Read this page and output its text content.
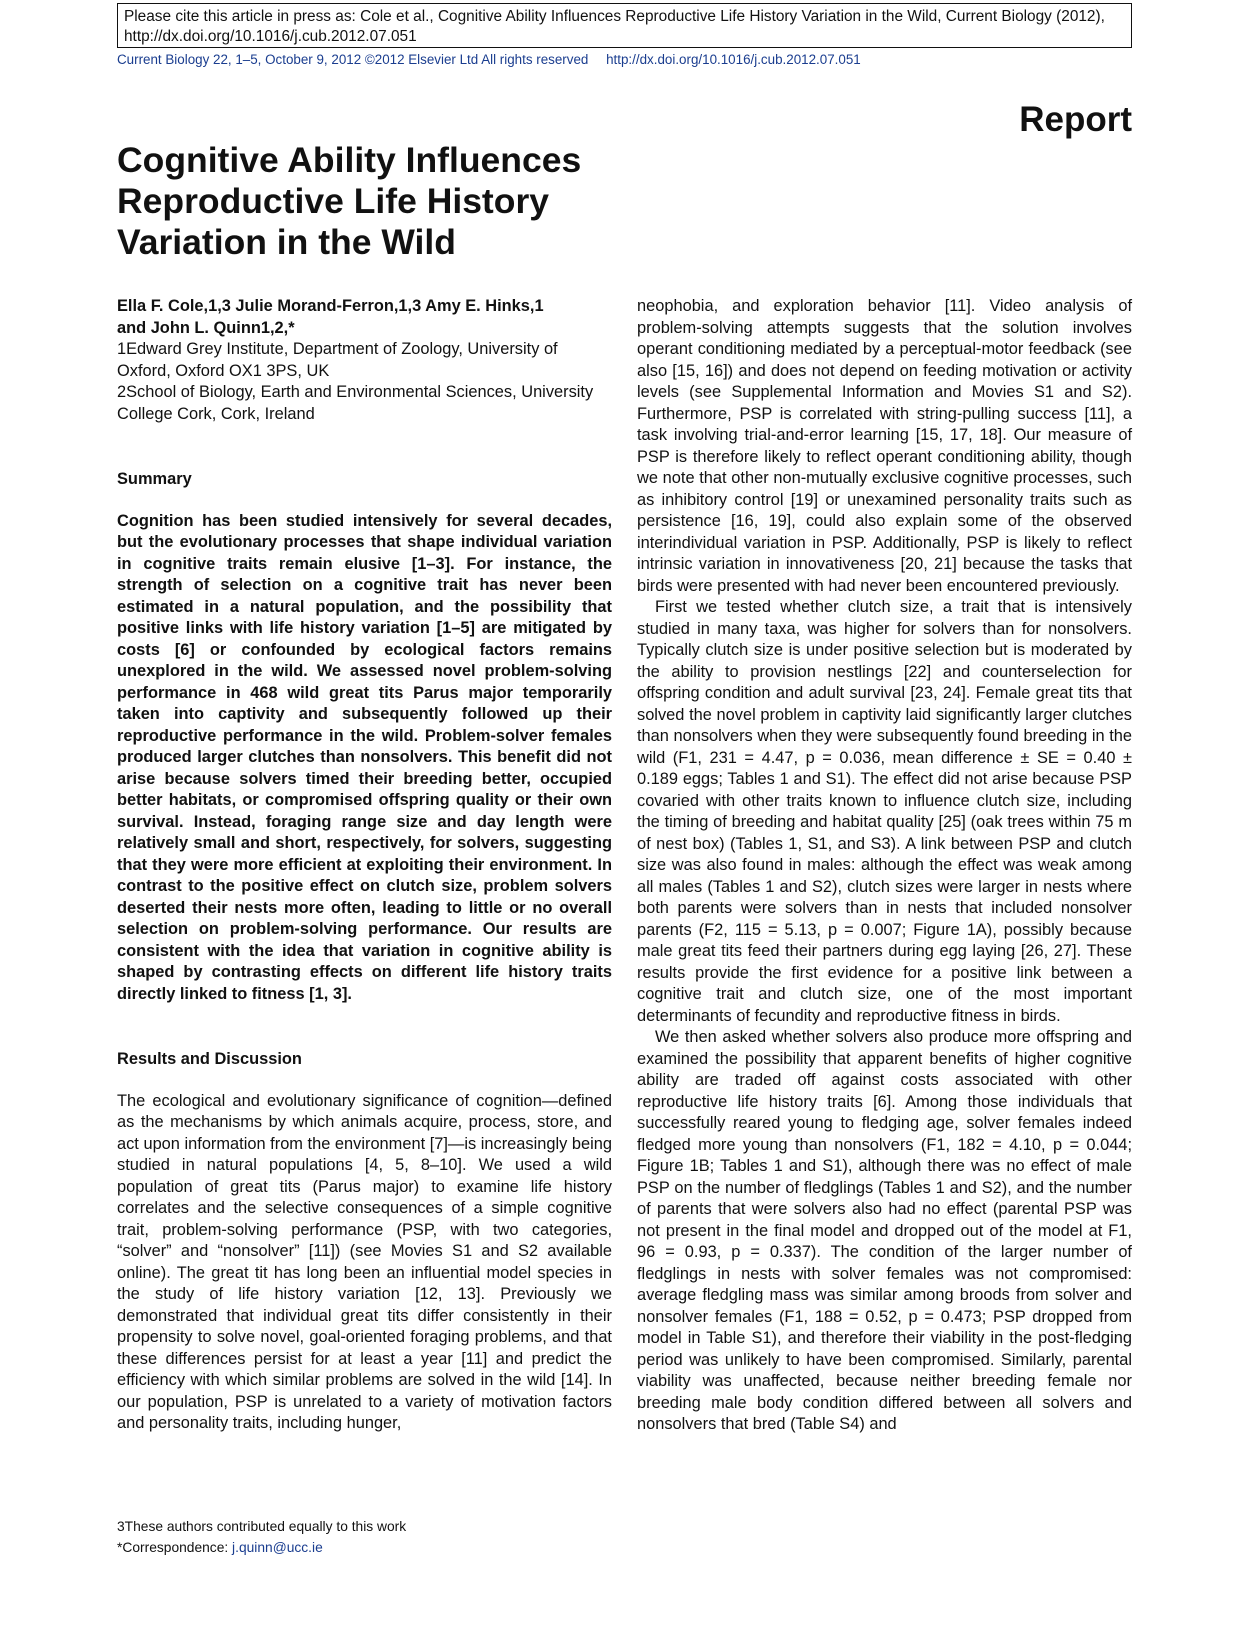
Please cite this article in press as: Cole et al., Cognitive Ability Influences Reproductive Life History Variation in the Wild, Current Biology (2012), http://dx.doi.org/10.1016/j.cub.2012.07.051
Current Biology 22, 1–5, October 9, 2012 ©2012 Elsevier Ltd All rights reserved http://dx.doi.org/10.1016/j.cub.2012.07.051
Report
Cognitive Ability Influences Reproductive Life History Variation in the Wild

Ella F. Cole,1,3 Julie Morand-Ferron,1,3 Amy E. Hinks,1

and John L. Quinn1,2,*

1Edward Grey Institute, Department of Zoology, University of Oxford, Oxford OX1 3PS, UK

2School of Biology, Earth and Environmental Sciences, University College Cork, Cork, Ireland

Summary

Cognition has been studied intensively for several decades, but the evolutionary processes that shape individual variation in cognitive traits remain elusive [1–3]. For instance, the strength of selection on a cognitive trait has never been estimated in a natural population, and the possibility that positive links with life history variation [1–5] are mitigated by costs [6] or confounded by ecological factors remains unexplored in the wild. We assessed novel problem-solving performance in 468 wild great tits Parus major temporarily taken into captivity and subsequently followed up their reproductive performance in the wild. Problem-solver females produced larger clutches than nonsolvers. This benefit did not arise because solvers timed their breeding better, occupied better habitats, or compromised offspring quality or their own survival. Instead, foraging range size and day length were relatively small and short, respectively, for solvers, suggesting that they were more efficient at exploiting their environment. In contrast to the positive effect on clutch size, problem solvers deserted their nests more often, leading to little or no overall selection on problem-solving performance. Our results are consistent with the idea that variation in cognitive ability is shaped by contrasting effects on different life history traits directly linked to fitness [1, 3].

Results and Discussion

The ecological and evolutionary significance of cognition—defined as the mechanisms by which animals acquire, process, store, and act upon information from the environment [7]—is increasingly being studied in natural populations [4, 5, 8–10]. We used a wild population of great tits (Parus major) to examine life history correlates and the selective consequences of a simple cognitive trait, problem-solving performance (PSP, with two categories, “solver” and “nonsolver” [11]) (see Movies S1 and S2 available online). The great tit has long been an influential model species in the study of life history variation [12, 13]. Previously we demonstrated that individual great tits differ consistently in their propensity to solve novel, goal-oriented foraging problems, and that these differences persist for at least a year [11] and predict the efficiency with which similar problems are solved in the wild [14]. In our population, PSP is unrelated to a variety of motivation factors and personality traits, including hunger,

neophobia, and exploration behavior [11]. Video analysis of problem-solving attempts suggests that the solution involves operant conditioning mediated by a perceptual-motor feedback (see also [15, 16]) and does not depend on feeding motivation or activity levels (see Supplemental Information and Movies S1 and S2). Furthermore, PSP is correlated with string-pulling success [11], a task involving trial-and-error learning [15, 17, 18]. Our measure of PSP is therefore likely to reflect operant conditioning ability, though we note that other non-mutually exclusive cognitive processes, such as inhibitory control [19] or unexamined personality traits such as persistence [16, 19], could also explain some of the observed interindividual variation in PSP. Additionally, PSP is likely to reflect intrinsic variation in innovativeness [20, 21] because the tasks that birds were presented with had never been encountered previously.

First we tested whether clutch size, a trait that is intensively studied in many taxa, was higher for solvers than for nonsolvers. Typically clutch size is under positive selection but is moderated by the ability to provision nestlings [22] and counterselection for offspring condition and adult survival [23, 24]. Female great tits that solved the novel problem in captivity laid significantly larger clutches than nonsolvers when they were subsequently found breeding in the wild (F1, 231 = 4.47, p = 0.036, mean difference ± SE = 0.40 ± 0.189 eggs; Tables 1 and S1). The effect did not arise because PSP covaried with other traits known to influence clutch size, including the timing of breeding and habitat quality [25] (oak trees within 75 m of nest box) (Tables 1, S1, and S3). A link between PSP and clutch size was also found in males: although the effect was weak among all males (Tables 1 and S2), clutch sizes were larger in nests where both parents were solvers than in nests that included nonsolver parents (F2, 115 = 5.13, p = 0.007; Figure 1A), possibly because male great tits feed their partners during egg laying [26, 27]. These results provide the first evidence for a positive link between a cognitive trait and clutch size, one of the most important determinants of fecundity and reproductive fitness in birds.

We then asked whether solvers also produce more offspring and examined the possibility that apparent benefits of higher cognitive ability are traded off against costs associated with other reproductive life history traits [6]. Among those individuals that successfully reared young to fledging age, solver females indeed fledged more young than nonsolvers (F1, 182 = 4.10, p = 0.044; Figure 1B; Tables 1 and S1), although there was no effect of male PSP on the number of fledglings (Tables 1 and S2), and the number of parents that were solvers also had no effect (parental PSP was not present in the final model and dropped out of the model at F1, 96 = 0.93, p = 0.337). The condition of the larger number of fledglings in nests with solver females was not compromised: average fledgling mass was similar among broods from solver and nonsolver females (F1, 188 = 0.52, p = 0.473; PSP dropped from model in Table S1), and therefore their viability in the post-fledging period was unlikely to have been compromised. Similarly, parental viability was unaffected, because neither breeding female nor breeding male body condition differed between all solvers and nonsolvers that bred (Table S4) and

3These authors contributed equally to this work
*Correspondence: j.quinn@ucc.ie
